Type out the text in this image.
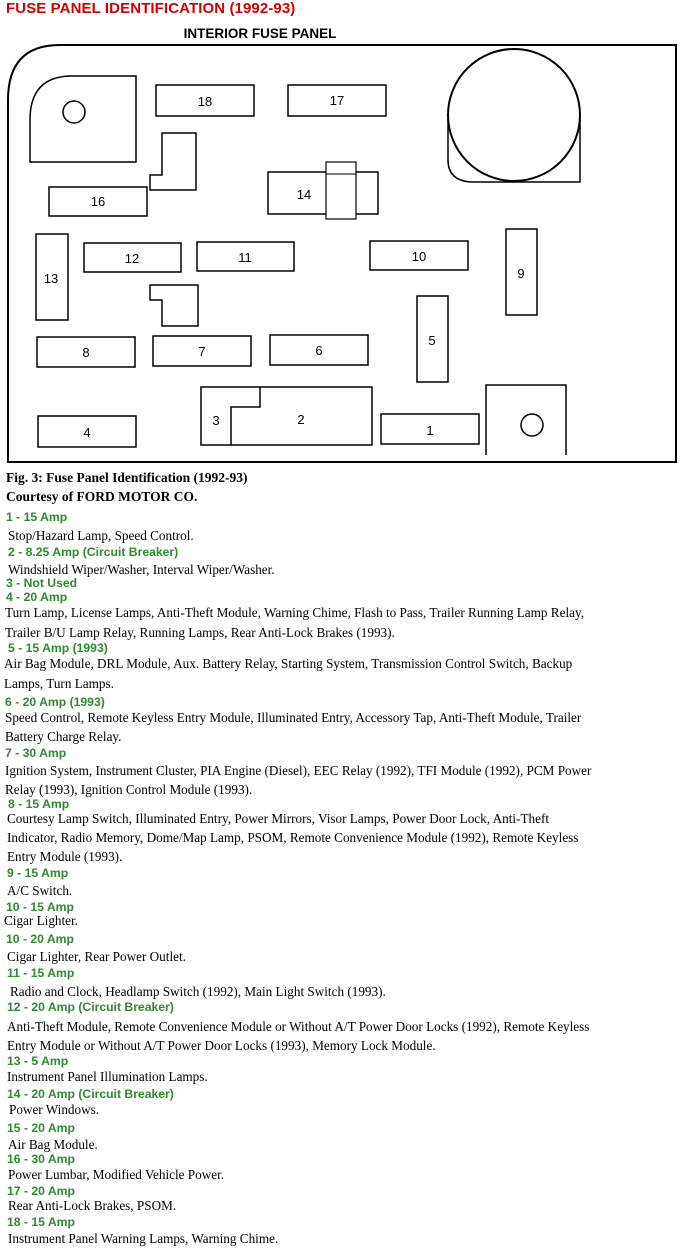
FUSE PANEL IDENTIFICATION (1992-93)
INTERIOR FUSE PANEL
18	17
16	14
13
12	11	10
9
8	7	6
5
4
3	2
1

Fig. 3: Fuse Panel Identification (1992-93)

Courtesy of FORD MOTOR CO.

1 - 15 Amp

Stop/Hazard Lamp, Speed Control.

2 - 8.25 Amp (Circuit Breaker)

Windshield Wiper/Washer, Interval Wiper/Washer.

3 - Not Used

4 - 20 Amp

Turn Lamp, License Lamps, Anti-Theft Module, Warning Chime, Flash to Pass, Trailer Running Lamp Relay,

Trailer B/U Lamp Relay, Running Lamps, Rear Anti-Lock Brakes (1993).

5 - 15 Amp (1993)

Air Bag Module, DRL Module, Aux. Battery Relay, Starting System, Transmission Control Switch, Backup

Lamps, Turn Lamps.

6 - 20 Amp (1993)

Speed Control, Remote Keyless Entry Module, Illuminated Entry, Accessory Tap, Anti-Theft Module, Trailer

Battery Charge Relay.

7 - 30 Amp

Ignition System, Instrument Cluster, PIA Engine (Diesel), EEC Relay (1992), TFI Module (1992), PCM Power

Relay (1993), Ignition Control Module (1993).

8 - 15 Amp

Courtesy Lamp Switch, Illuminated Entry, Power Mirrors, Visor Lamps, Power Door Lock, Anti-Theft

Indicator, Radio Memory, Dome/Map Lamp, PSOM, Remote Convenience Module (1992), Remote Keyless

Entry Module (1993).

9 - 15 Amp

A/C Switch.

10 - 15 Amp

Cigar Lighter.

10 - 20 Amp

Cigar Lighter, Rear Power Outlet.

11 - 15 Amp

Radio and Clock, Headlamp Switch (1992), Main Light Switch (1993).

12 - 20 Amp (Circuit Breaker)

Anti-Theft Module, Remote Convenience Module or Without A/T Power Door Locks (1992), Remote Keyless

Entry Module or Without A/T Power Door Locks (1993), Memory Lock Module.

13 - 5 Amp

Instrument Panel Illumination Lamps.

14 - 20 Amp (Circuit Breaker)

Power Windows.

15 - 20 Amp

Air Bag Module.

16 - 30 Amp

Power Lumbar, Modified Vehicle Power.

17 - 20 Amp

Rear Anti-Lock Brakes, PSOM.

18 - 15 Amp

Instrument Panel Warning Lamps, Warning Chime.
